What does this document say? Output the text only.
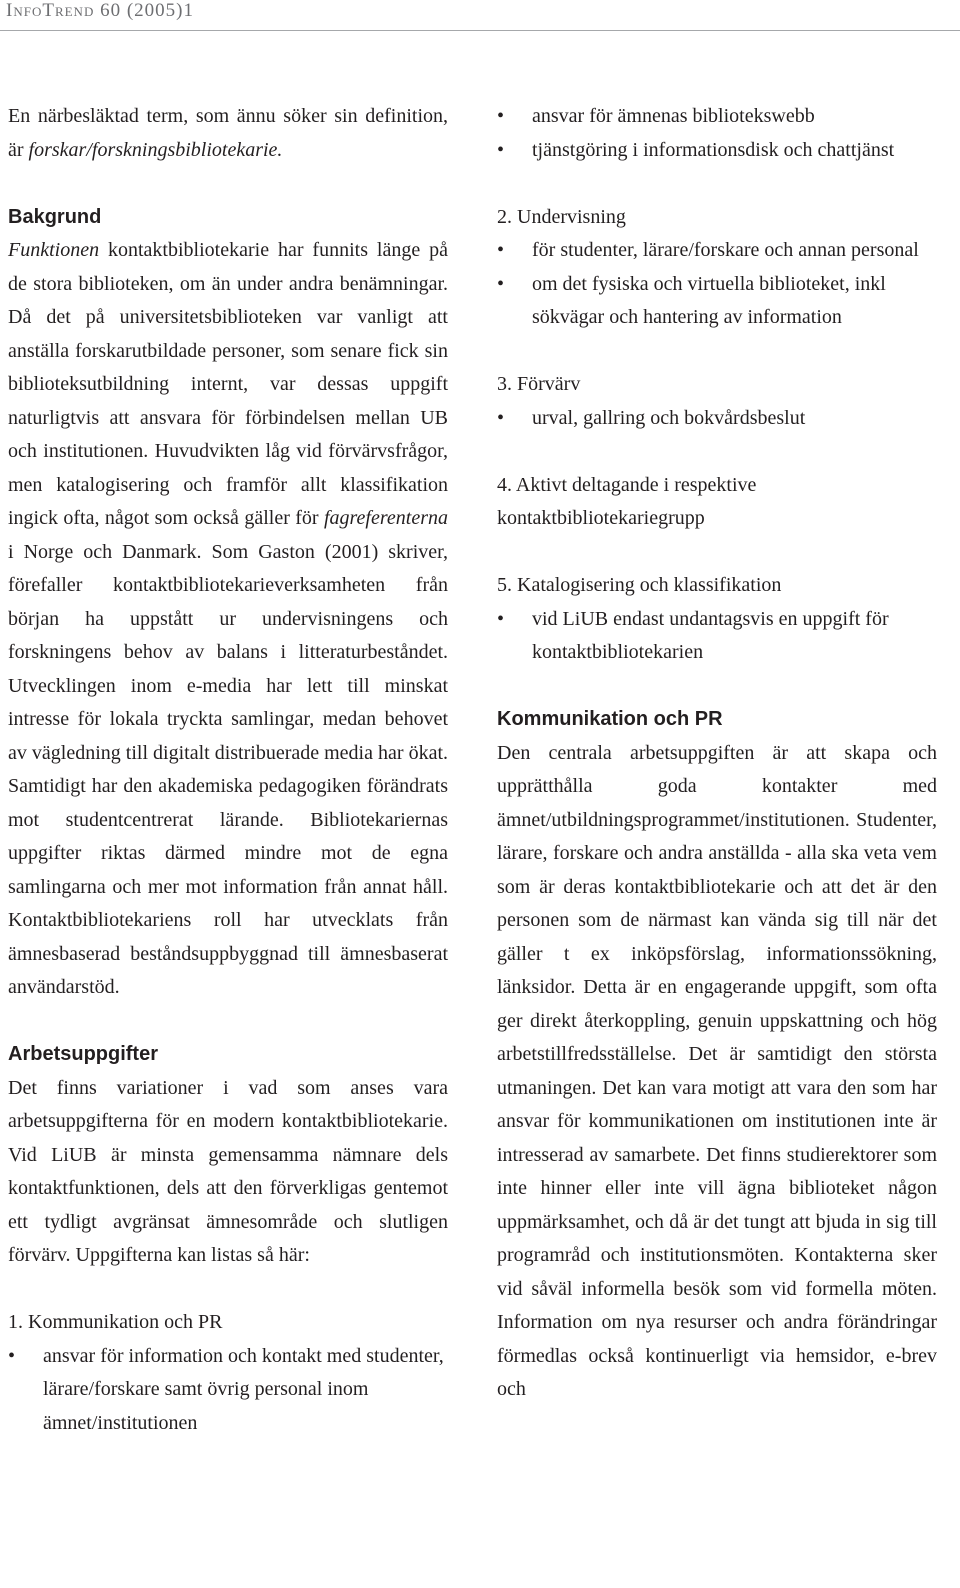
InfoTrend 60 (2005)1

En närbesläktad term, som ännu söker sin definition, är forskar/forskningsbibliotekarie.

Bakgrund

Funktionen kontaktbibliotekarie har funnits länge på de stora biblioteken, om än under andra benämningar. Då det på universitetsbiblioteken var vanligt att anställa forskarutbildade personer, som senare fick sin biblioteksutbildning internt, var dessas uppgift naturligtvis att ansvara för förbindelsen mellan UB och institutionen. Huvudvikten låg vid förvärvsfrågor, men katalogisering och framför allt klassifikation ingick ofta, något som också gäller för fagreferenterna i Norge och Danmark. Som Gaston (2001) skriver, förefaller kontaktbibliotekarieverksamheten från början ha uppstått ur undervisningens och forskningens behov av balans i litteraturbeståndet. Utvecklingen inom e-media har lett till minskat intresse för lokala tryckta samlingar, medan behovet av vägledning till digitalt distribuerade media har ökat. Samtidigt har den akademiska pedagogiken förändrats mot studentcentrerat lärande. Bibliotekariernas uppgifter riktas därmed mindre mot de egna samlingarna och mer mot information från annat håll. Kontaktbibliotekariens roll har utvecklats från ämnesbaserad beståndsuppbyggnad till ämnesbaserat användarstöd.

Arbetsuppgifter

Det finns variationer i vad som anses vara arbetsuppgifterna för en modern kontaktbibliotekarie. Vid LiUB är minsta gemensamma nämnare dels kontaktfunktionen, dels att den förverkligas gentemot ett tydligt avgränsat ämnesområde och slutligen förvärv. Uppgifterna kan listas så här:

1. Kommunikation och PR

• ansvar för information och kontakt med studenter, lärare/forskare samt övrig personal inom ämnet/institutionen
• ansvar för ämnenas bibliotekswebb
• tjänstgöring i informationsdisk och chattjänst

2. Undervisning

• för studenter, lärare/forskare och annan personal
• om det fysiska och virtuella biblioteket, inkl sökvägar och hantering av information

3. Förvärv

• urval, gallring och bokvårdsbeslut

4. Aktivt deltagande i respektive kontaktbibliotekariegrupp

5. Katalogisering och klassifikation

• vid LiUB endast undantagsvis en uppgift för kontaktbibliotekarien
Kommunikation och PR

Den centrala arbetsuppgiften är att skapa och upprätthålla goda kontakter med ämnet/utbildningsprogrammet/institutionen. Studenter, lärare, forskare och andra anställda - alla ska veta vem som är deras kontaktbibliotekarie och att det är den personen som de närmast kan vända sig till när det gäller t ex inköpsförslag, informationssökning, länksidor. Detta är en engagerande uppgift, som ofta ger direkt återkoppling, genuin uppskattning och hög arbetstillfredsställelse. Det är samtidigt den största utmaningen. Det kan vara motigt att vara den som har ansvar för kommunikationen om institutionen inte är intresserad av samarbete. Det finns studierektorer som inte hinner eller inte vill ägna biblioteket någon uppmärksamhet, och då är det tungt att bjuda in sig till programråd och institutionsmöten. Kontakterna sker vid såväl informella besök som vid formella möten. Information om nya resurser och andra förändringar förmedlas också kontinuerligt via hemsidor, e-brev och
